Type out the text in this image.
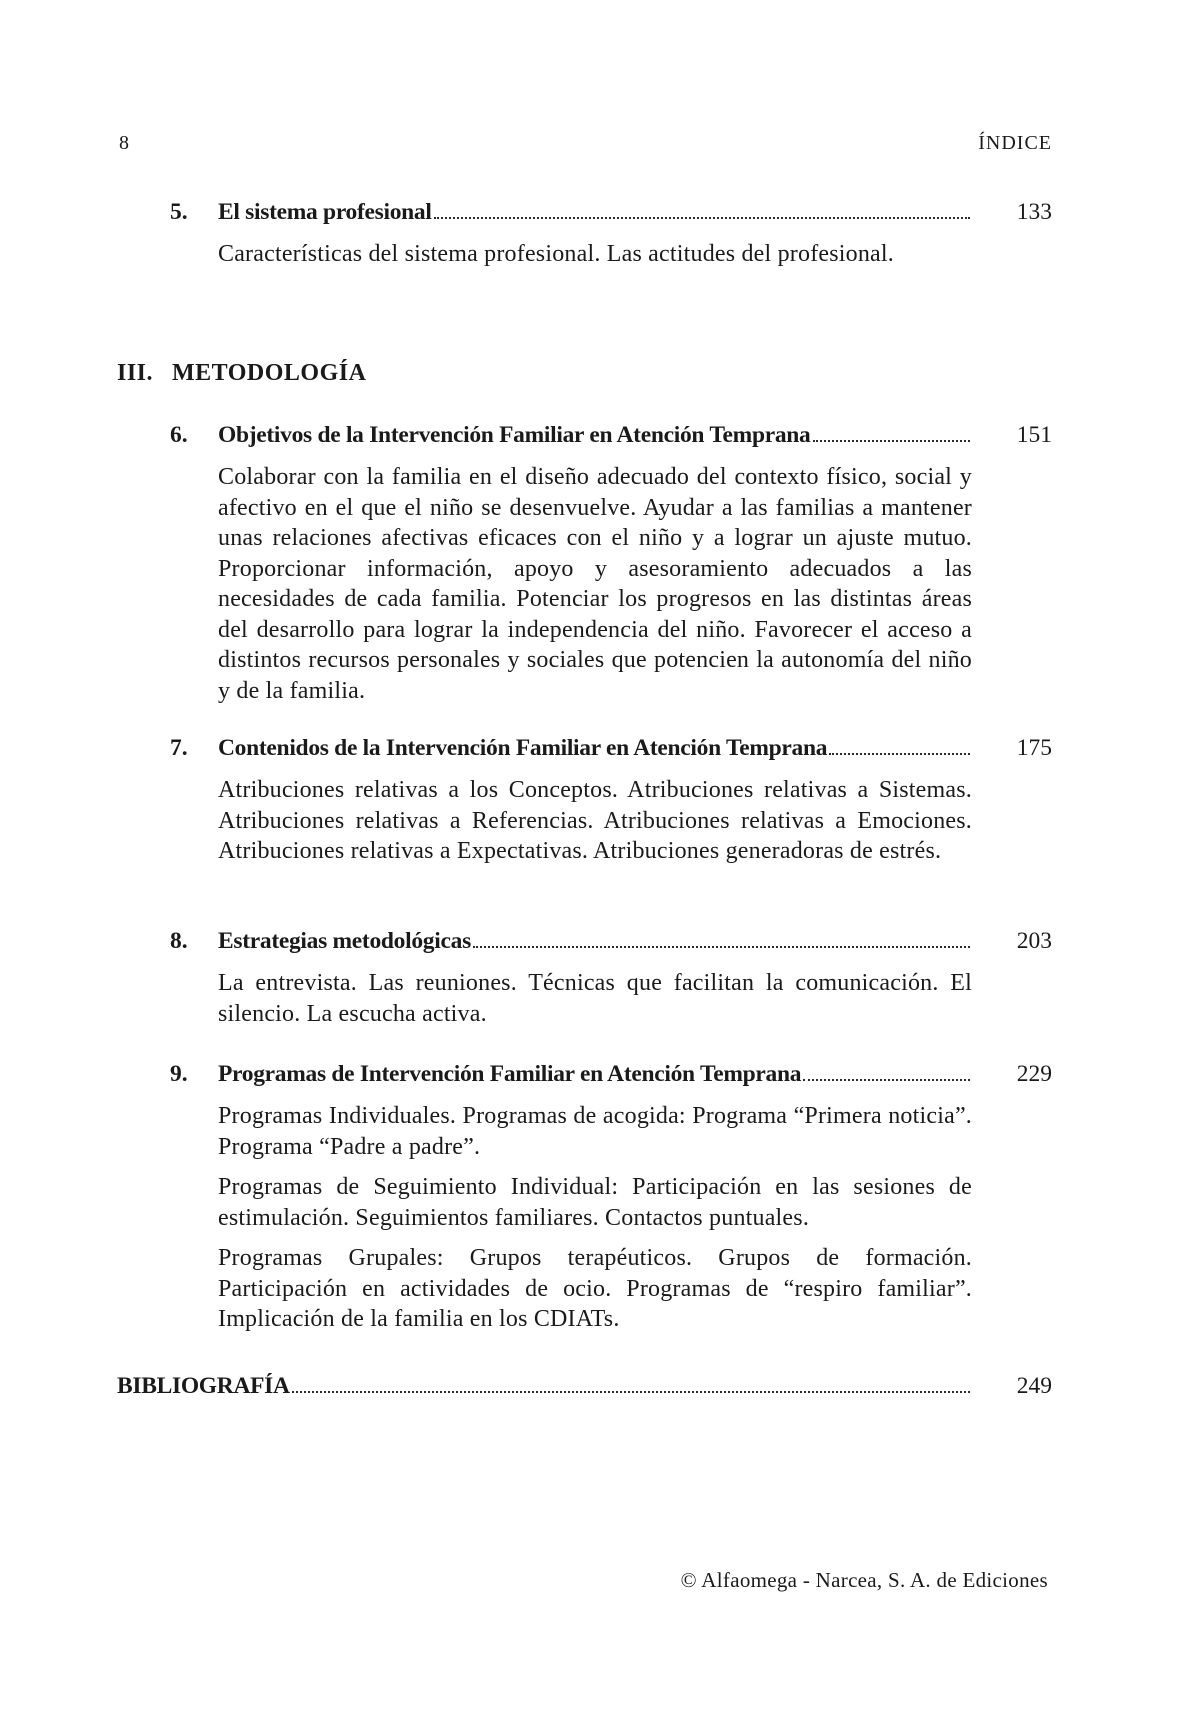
8	ÍNDICE
5.	El sistema profesional	133
Características del sistema profesional. Las actitudes del profesional.
III. METODOLOGÍA
6.	Objetivos de la Intervención Familiar en Atención Temprana	151
Colaborar con la familia en el diseño adecuado del contexto físico, social y afectivo en el que el niño se desenvuelve. Ayudar a las familias a mantener unas relaciones afectivas eficaces con el niño y a lograr un ajuste mutuo. Proporcionar información, apoyo y asesoramiento adecuados a las necesidades de cada familia. Potenciar los progresos en las distintas áreas del desarrollo para lograr la independencia del niño. Favorecer el acceso a distintos recursos personales y sociales que potencien la autonomía del niño y de la familia.
7.	Contenidos de la Intervención Familiar en Atención Temprana	175
Atribuciones relativas a los Conceptos. Atribuciones relativas a Sistemas. Atribuciones relativas a Referencias. Atribuciones relativas a Emociones. Atribuciones relativas a Expectativas. Atribuciones generadoras de estrés.
8.	Estrategias metodológicas	203
La entrevista. Las reuniones. Técnicas que facilitan la comunicación. El silencio. La escucha activa.
9.	Programas de Intervención Familiar en Atención Temprana	229
Programas Individuales. Programas de acogida: Programa “Primera noticia”. Programa “Padre a padre”.
Programas de Seguimiento Individual: Participación en las sesiones de estimulación. Seguimientos familiares. Contactos puntuales.
Programas Grupales: Grupos terapéuticos. Grupos de formación. Participación en actividades de ocio. Programas de “respiro familiar”. Implicación de la familia en los CDIATs.
BIBLIOGRAFÍA	249
© Alfaomega - Narcea, S. A. de Ediciones
